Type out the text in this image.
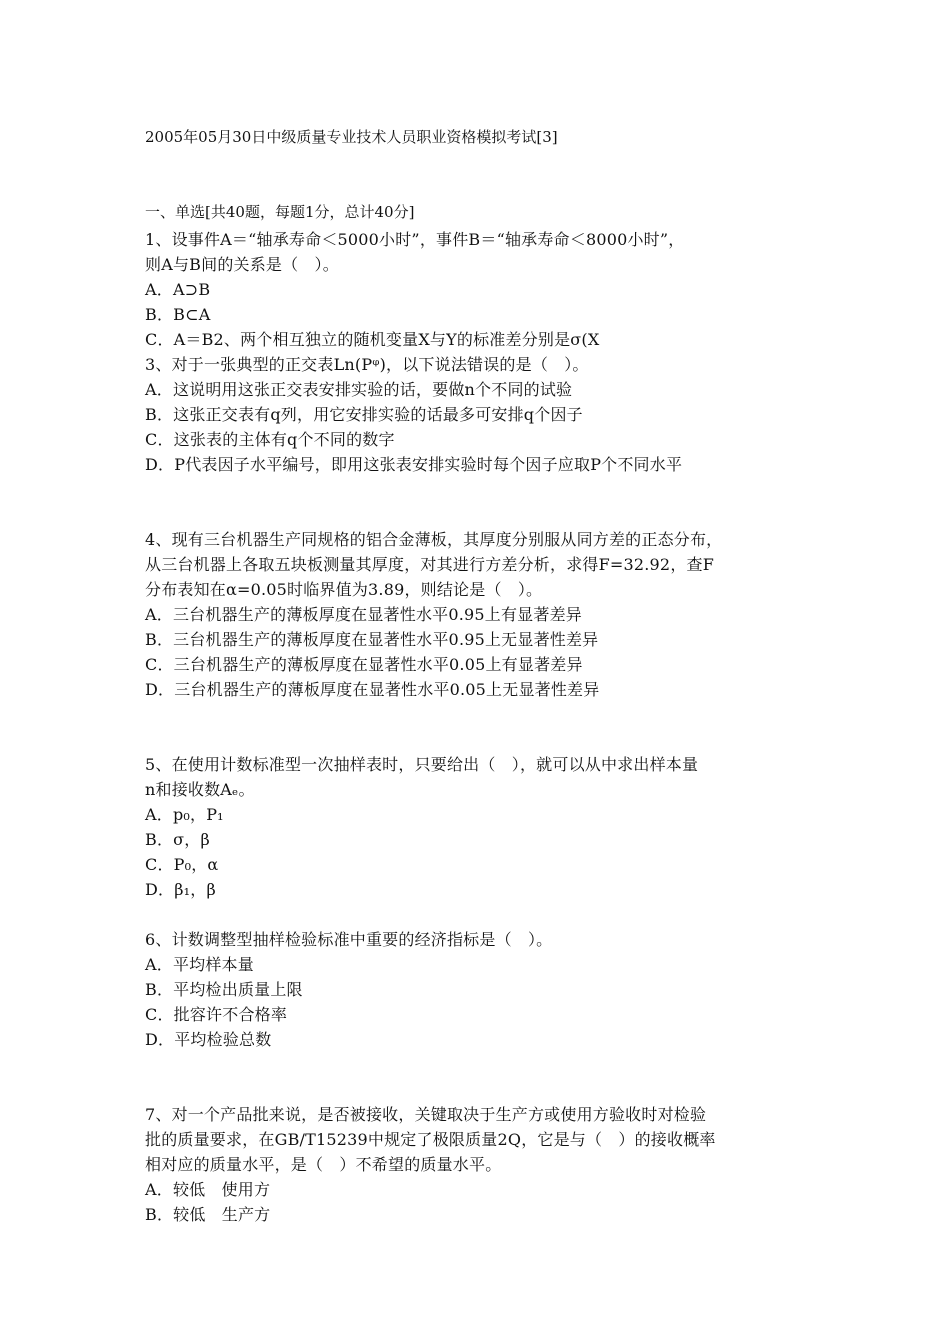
2005年05月30日中级质量专业技术人员职业资格模拟考试[3]
一、单选[共40题，每题1分，总计40分]
1、设事件A＝“轴承寿命＜5000小时”，事件B＝“轴承寿命＜8000小时”，
则A与B间的关系是（　）。
A．A⊃B
B．B⊂A
C．A＝B2、两个相互独立的随机变量X与Y的标准差分别是σ(X
3、对于一张典型的正交表Ln(Pᵠ)，以下说法错误的是（　）。
A．这说明用这张正交表安排实验的话，要做n个不同的试验
B．这张正交表有q列，用它安排实验的话最多可安排q个因子
C．这张表的主体有q个不同的数字
D．P代表因子水平编号，即用这张表安排实验时每个因子应取P个不同水平
4、现有三台机器生产同规格的铝合金薄板，其厚度分别服从同方差的正态分布，
从三台机器上各取五块板测量其厚度，对其进行方差分析，求得F=32.92，查F
分布表知在α=0.05时临界值为3.89，则结论是（　）。
A．三台机器生产的薄板厚度在显著性水平0.95上有显著差异
B．三台机器生产的薄板厚度在显著性水平0.95上无显著性差异
C．三台机器生产的薄板厚度在显著性水平0.05上有显著差异
D．三台机器生产的薄板厚度在显著性水平0.05上无显著性差异
5、在使用计数标准型一次抽样表时，只要给出（　），就可以从中求出样本量
n和接收数Aₑ。
A．p₀，P₁
B．σ，β
C．P₀，α
D．β₁，β
6、计数调整型抽样检验标准中重要的经济指标是（　）。
A．平均样本量
B．平均检出质量上限
C．批容许不合格率
D．平均检验总数
7、对一个产品批来说，是否被接收，关键取决于生产方或使用方验收时对检验
批的质量要求，在GB/T15239中规定了极限质量2Q，它是与（　）的接收概率
相对应的质量水平，是（　）不希望的质量水平。
A．较低　使用方
B．较低　生产方
